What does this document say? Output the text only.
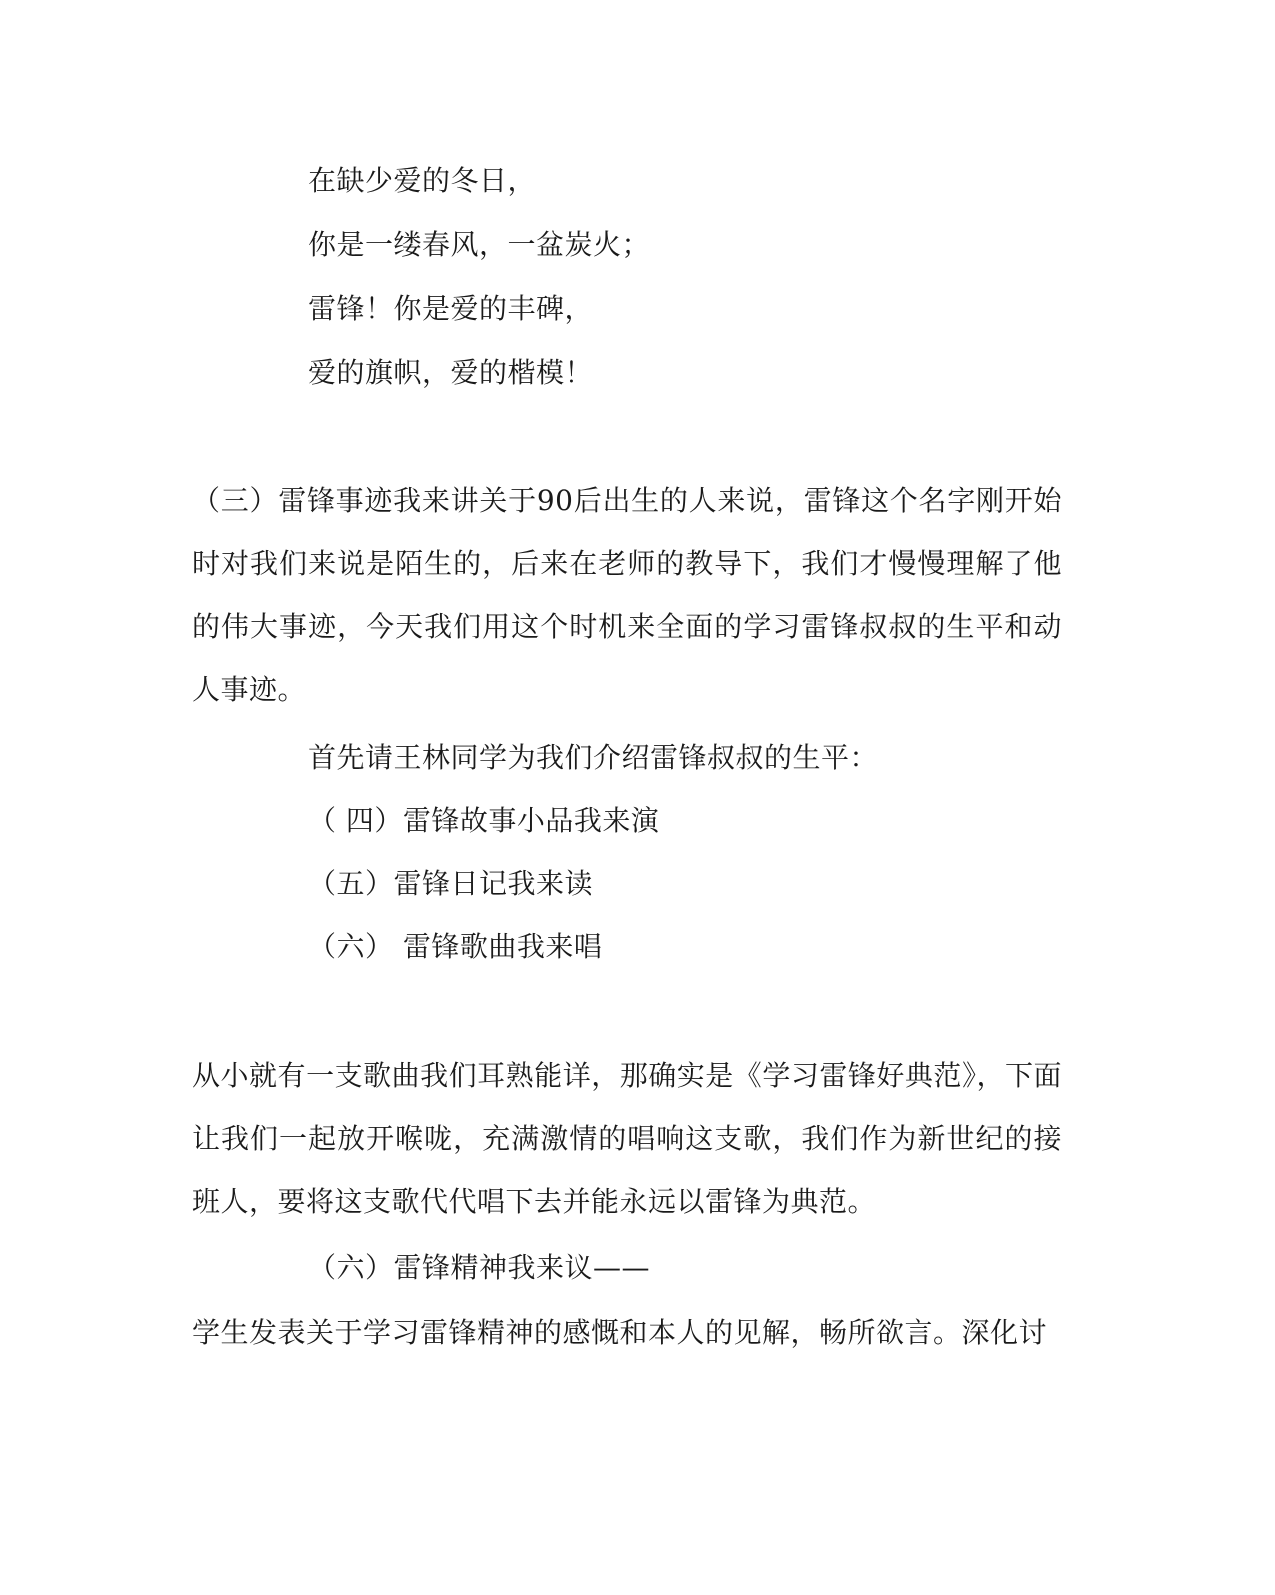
在缺少爱的冬日，
你是一缕春风，一盆炭火；
雷锋！你是爱的丰碑，
爱的旗帜，爱的楷模！
（三）雷锋事迹我来讲关于90后出生的人来说，雷锋这个名字刚开始时对我们来说是陌生的，后来在老师的教导下，我们才慢慢理解了他的伟大事迹，今天我们用这个时机来全面的学习雷锋叔叔的生平和动人事迹。
首先请王林同学为我们介绍雷锋叔叔的生平：
（ 四）雷锋故事小品我来演
（五）雷锋日记我来读
（六） 雷锋歌曲我来唱
从小就有一支歌曲我们耳熟能详，那确实是《学习雷锋好典范》，下面让我们一起放开喉咙，充满激情的唱响这支歌，我们作为新世纪的接班人，要将这支歌代代唱下去并能永远以雷锋为典范。
（六）雷锋精神我来议——
学生发表关于学习雷锋精神的感慨和本人的见解，畅所欲言。深化讨
